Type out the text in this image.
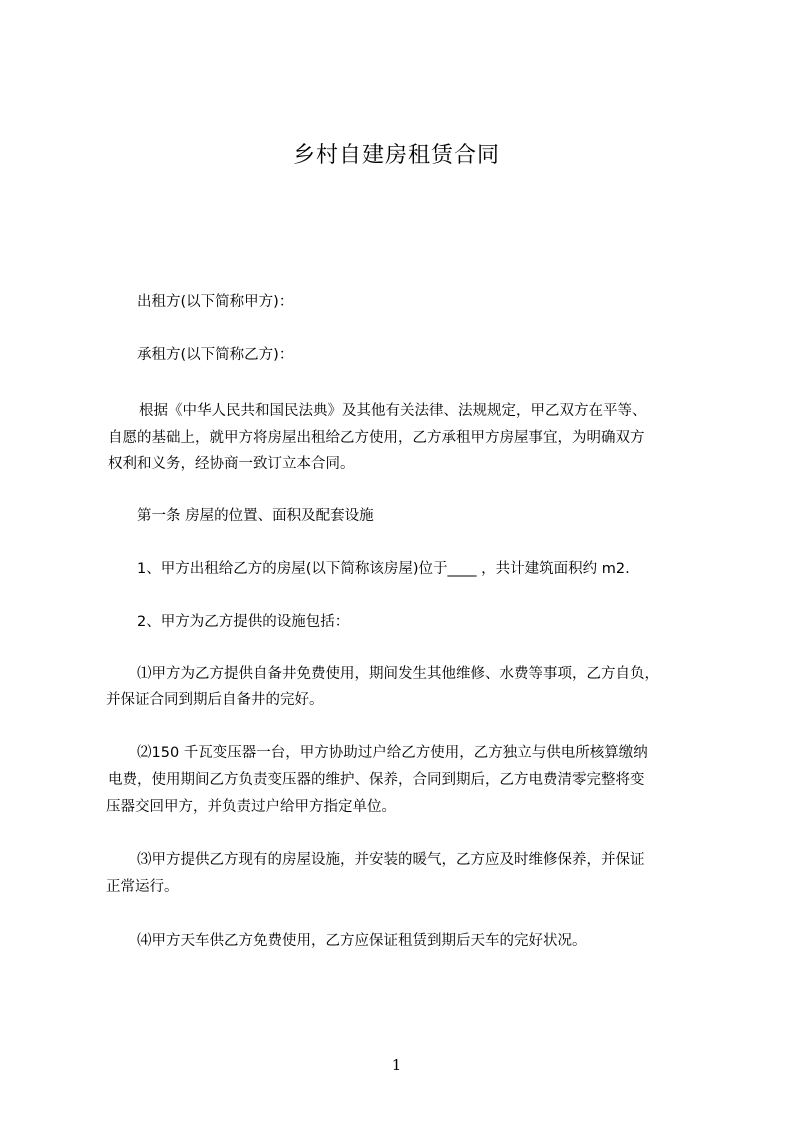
乡村自建房租赁合同
出租方(以下简称甲方)：
承租方(以下简称乙方)：
根据《中华人民共和国民法典》及其他有关法律、法规规定，甲乙双方在平等、
自愿的基础上，就甲方将房屋出租给乙方使用，乙方承租甲方房屋事宜，为明确双方
权利和义务，经协商一致订立本合同。
第一条 房屋的位置、面积及配套设施
1、甲方出租给乙方的房屋(以下简称该房屋)位于____ ，共计建筑面积约 m2.
2、甲方为乙方提供的设施包括：
⑴甲方为乙方提供自备井免费使用，期间发生其他维修、水费等事项，乙方自负，
并保证合同到期后自备井的完好。
⑵150 千瓦变压器一台，甲方协助过户给乙方使用，乙方独立与供电所核算缴纳
电费，使用期间乙方负责变压器的维护、保养，合同到期后，乙方电费清零完整将变
压器交回甲方，并负责过户给甲方指定单位。
⑶甲方提供乙方现有的房屋设施，并安装的暖气，乙方应及时维修保养，并保证
正常运行。
⑷甲方天车供乙方免费使用，乙方应保证租赁到期后天车的完好状况。
1
